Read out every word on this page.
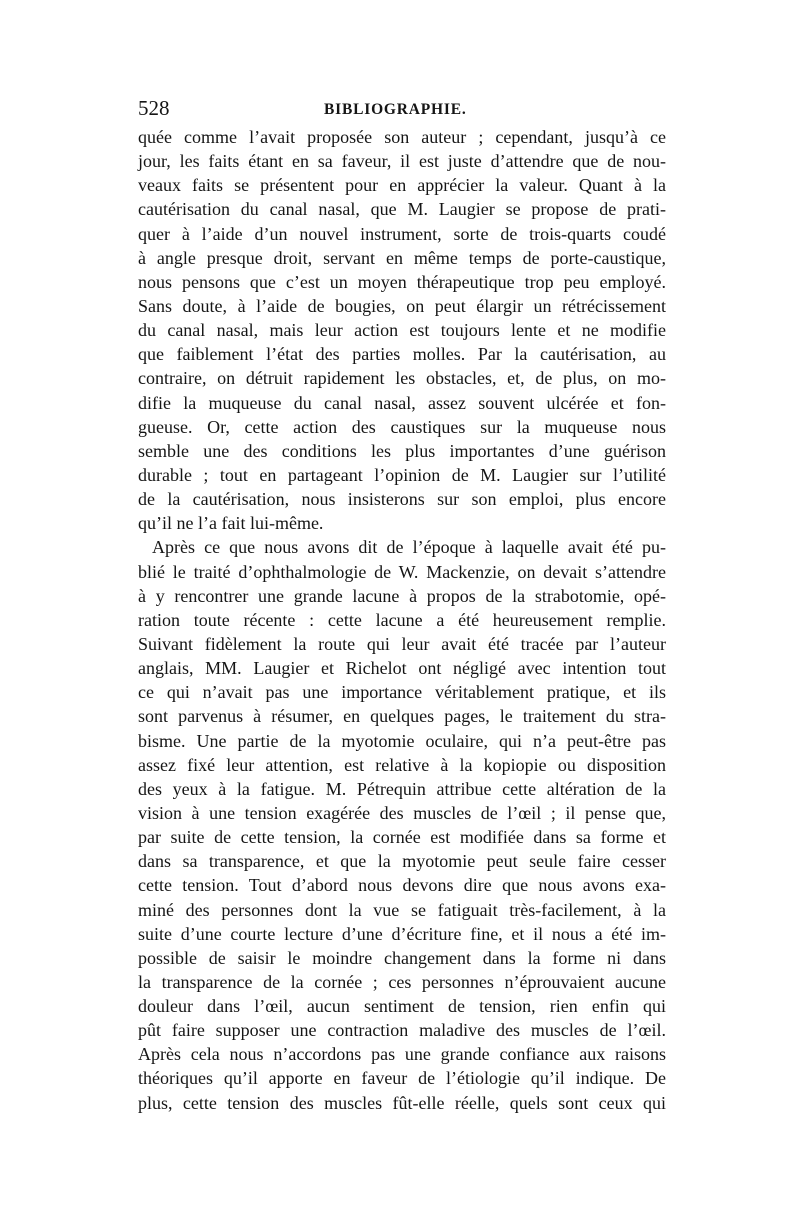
528	BIBLIOGRAPHIE.
quée comme l’avait proposée son auteur ; cependant, jusqu’à ce
jour, les faits étant en sa faveur, il est juste d’attendre que de nou-
veaux faits se présentent pour en apprécier la valeur. Quant à la
cautérisation du canal nasal, que M. Laugier se propose de prati-
quer à l’aide d’un nouvel instrument, sorte de trois-quarts coudé
à angle presque droit, servant en même temps de porte-caustique,
nous pensons que c’est un moyen thérapeutique trop peu employé.
Sans doute, à l’aide de bougies, on peut élargir un rétrécissement
du canal nasal, mais leur action est toujours lente et ne modifie
que faiblement l’état des parties molles. Par la cautérisation, au
contraire, on détruit rapidement les obstacles, et, de plus, on mo-
difie la muqueuse du canal nasal, assez souvent ulcérée et fon-
gueuse. Or, cette action des caustiques sur la muqueuse nous
semble une des conditions les plus importantes d’une guérison
durable ; tout en partageant l’opinion de M. Laugier sur l’utilité
de la cautérisation, nous insisterons sur son emploi, plus encore
qu’il ne l’a fait lui-même.
Après ce que nous avons dit de l’époque à laquelle avait été pu-
blié le traité d’ophthalmologie de W. Mackenzie, on devait s’attendre
à y rencontrer une grande lacune à propos de la strabotomie, opé-
ration toute récente : cette lacune a été heureusement remplie.
Suivant fidèlement la route qui leur avait été tracée par l’auteur
anglais, MM. Laugier et Richelot ont négligé avec intention tout
ce qui n’avait pas une importance véritablement pratique, et ils
sont parvenus à résumer, en quelques pages, le traitement du stra-
bisme. Une partie de la myotomie oculaire, qui n’a peut-être pas
assez fixé leur attention, est relative à la kopiopie ou disposition
des yeux à la fatigue. M. Pétrequin attribue cette altération de la
vision à une tension exagérée des muscles de l’œil ; il pense que,
par suite de cette tension, la cornée est modifiée dans sa forme et
dans sa transparence, et que la myotomie peut seule faire cesser
cette tension. Tout d’abord nous devons dire que nous avons exa-
miné des personnes dont la vue se fatiguait très-facilement, à la
suite d’une courte lecture d’une d’écriture fine, et il nous a été im-
possible de saisir le moindre changement dans la forme ni dans
la transparence de la cornée ; ces personnes n’éprouvaient aucune
douleur dans l’œil, aucun sentiment de tension, rien enfin qui
pût faire supposer une contraction maladive des muscles de l’œil.
Après cela nous n’accordons pas une grande confiance aux raisons
théoriques qu’il apporte en faveur de l’étiologie qu’il indique. De
plus, cette tension des muscles fût-elle réelle, quels sont ceux qui
